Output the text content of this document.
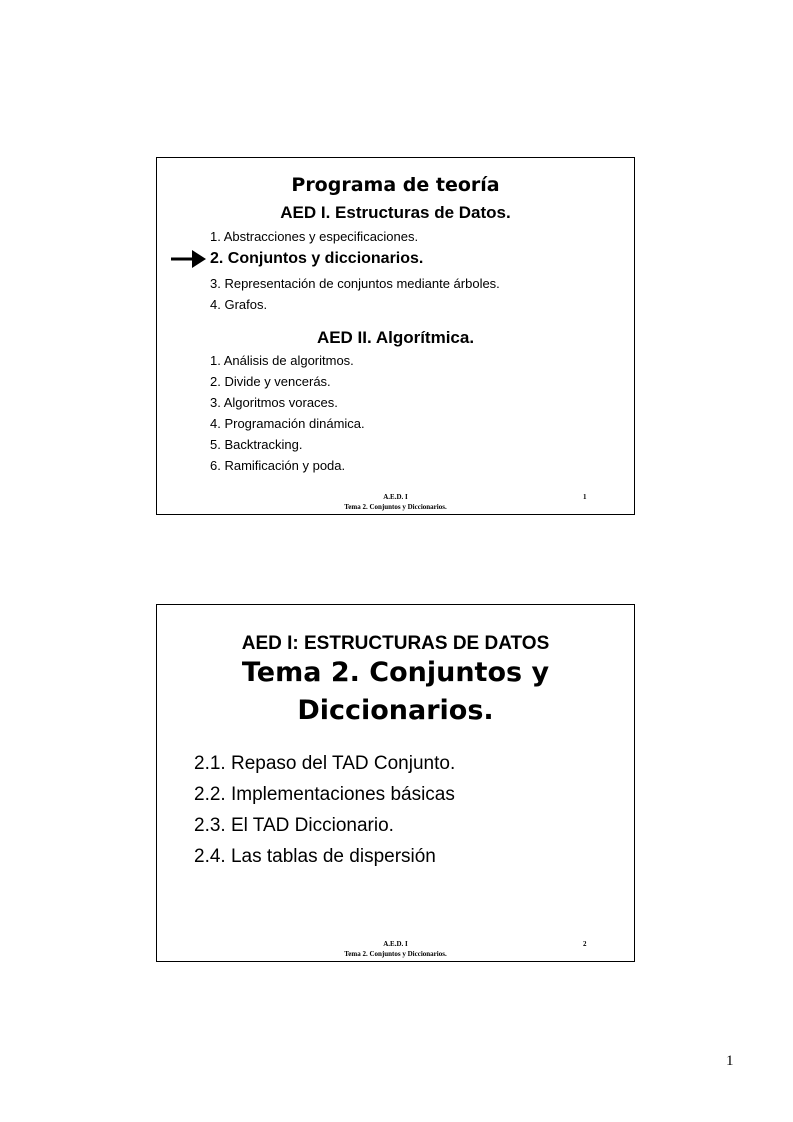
Programa de teoría
AED I. Estructuras de Datos.
1. Abstracciones y especificaciones.
2. Conjuntos y diccionarios.
3. Representación de conjuntos mediante árboles.
4. Grafos.
AED II. Algorítmica.
1. Análisis de algoritmos.
2. Divide y vencerás.
3. Algoritmos voraces.
4. Programación dinámica.
5. Backtracking.
6. Ramificación y poda.
A.E.D. I	1
Tema 2. Conjuntos y Diccionarios.
AED I: ESTRUCTURAS DE DATOS
Tema 2. Conjuntos y
Diccionarios.
2.1. Repaso del TAD Conjunto.
2.2. Implementaciones básicas
2.3. El TAD Diccionario.
2.4. Las tablas de dispersión
A.E.D. I	2
Tema 2. Conjuntos y Diccionarios.
1
